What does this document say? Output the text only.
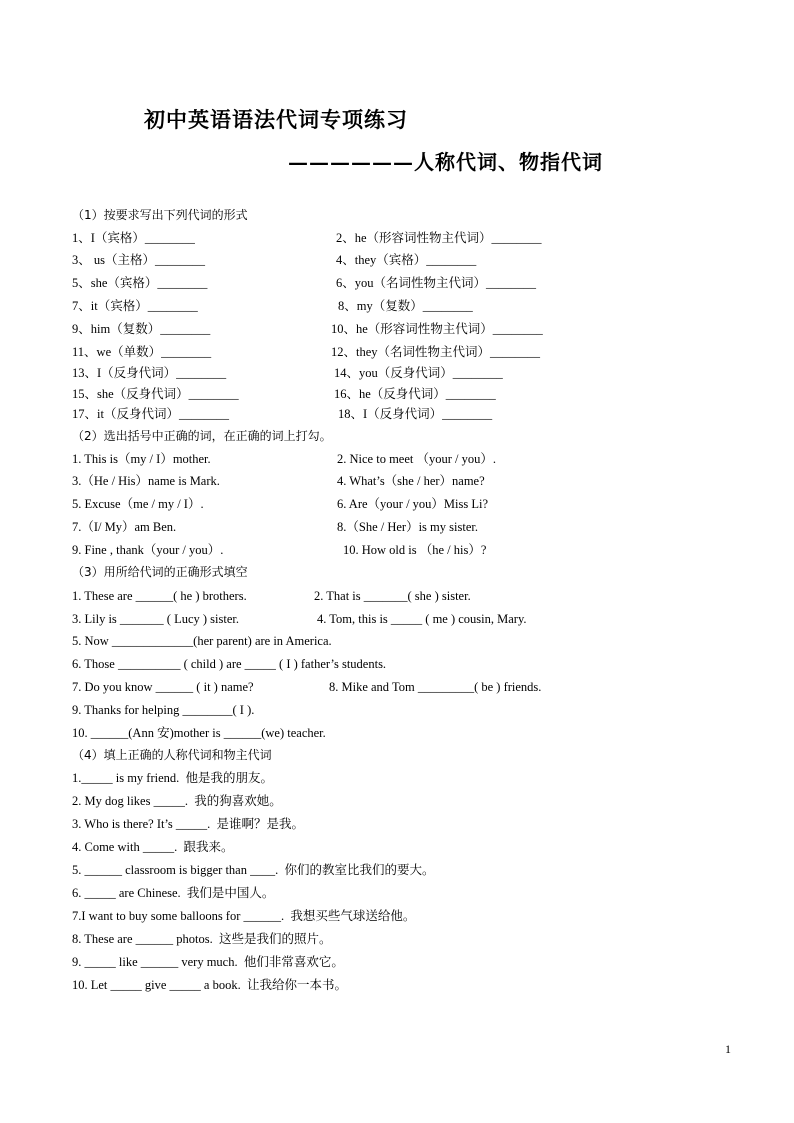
初中英语语法代词专项练习
——————人称代词、物指代词
（1）按要求写出下列代词的形式
1、I（宾格）________	2、he（形容词性物主代词）________
3、 us（主格）________	4、they（宾格）________
5、she（宾格）________	6、you（名词性物主代词）________
7、it（宾格）________	8、my（复数）________
9、him（复数）________	10、he（形容词性物主代词）________
11、we（单数）________	12、they（名词性物主代词）________
13、I（反身代词）________	14、you（反身代词）________
15、she（反身代词）________	16、he（反身代词）________
17、it（反身代词）________	18、I（反身代词）________
（2）选出括号中正确的词，在正确的词上打勾。
1. This is（my / I）mother.	2. Nice to meet （your / you）.
3.（He / His）name is Mark.	4. What’s（she / her）name?
5. Excuse（me / my / I）.	6. Are（your / you）Miss Li?
7.（I/ My）am Ben.	8.（She / Her）is my sister.
9. Fine , thank（your / you）.	10. How old is （he / his）?
（3）用所给代词的正确形式填空
1. These are ______( he ) brothers.	2. That is _______( she ) sister.
3. Lily is _______ ( Lucy ) sister.	4. Tom, this is _____ ( me ) cousin, Mary.
5. Now _____________(her parent) are in America.
6. Those __________ ( child ) are _____ ( I ) father’s students.
7. Do you know ______ ( it ) name?	8. Mike and Tom _________( be ) friends.
9. Thanks for helping ________( I ).
10. ______(Ann 安)mother is ______(we) teacher.
（4）填上正确的人称代词和物主代词
1._____ is my friend.  他是我的朋友。
2. My dog likes _____.  我的狗喜欢她。
3. Who is there? It’s _____.  是谁啊？是我。
4. Come with _____.  跟我来。
5. ______ classroom is bigger than ____.  你们的教室比我们的要大。
6. _____ are Chinese.  我们是中国人。
7.I want to buy some balloons for ______.  我想买些气球送给他。
8. These are ______ photos.  这些是我们的照片。
9. _____ like ______ very much.  他们非常喜欢它。
10. Let _____ give _____ a book.  让我给你一本书。
1
